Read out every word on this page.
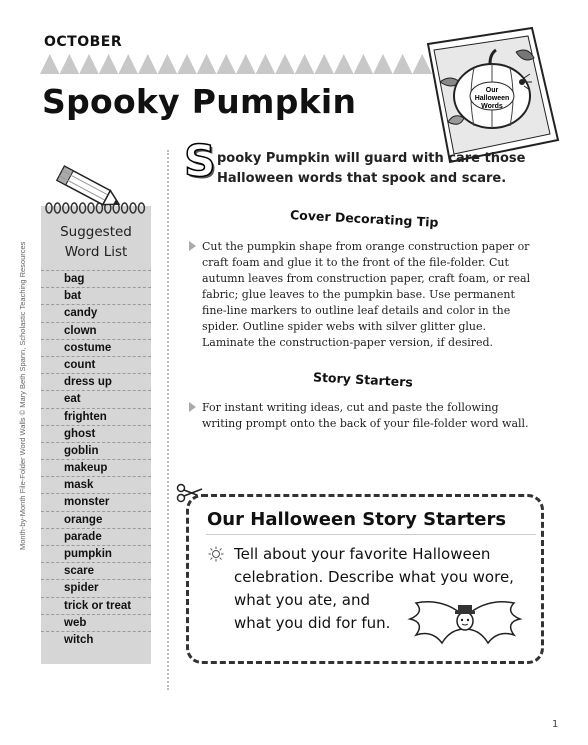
OCTOBER
Spooky Pumpkin	Our
Halloween
Words
Month-by-Month File-Folder Word Walls © Mary Beth Spann, Scholastic Teaching Resources
Suggested
Word List
bag
bat
candy
clown
costume
count
dress up
eat
frighten
ghost
goblin
makeup
mask
monster
orange
parade
pumpkin
scare
spider
trick or treat
web
witch
S pooky Pumpkin will guard with care those
Halloween words that spook and scare.
Cover Decorating Tip
Cut the pumpkin shape from orange construction paper or craft foam and glue it to the front of the file-folder. Cut autumn leaves from construction paper, craft foam, or real fabric; glue leaves to the pumpkin base. Use permanent fine-line markers to outline leaf details and color in the spider. Outline spider webs with silver glitter glue. Laminate the construction-paper version, if desired.
Story Starters
For instant writing ideas, cut and paste the following writing prompt onto the back of your file-folder word wall.
Our Halloween Story Starters
Tell about your favorite Halloween
celebration. Describe what you wore,
what you ate, and
what you did for fun.
1
